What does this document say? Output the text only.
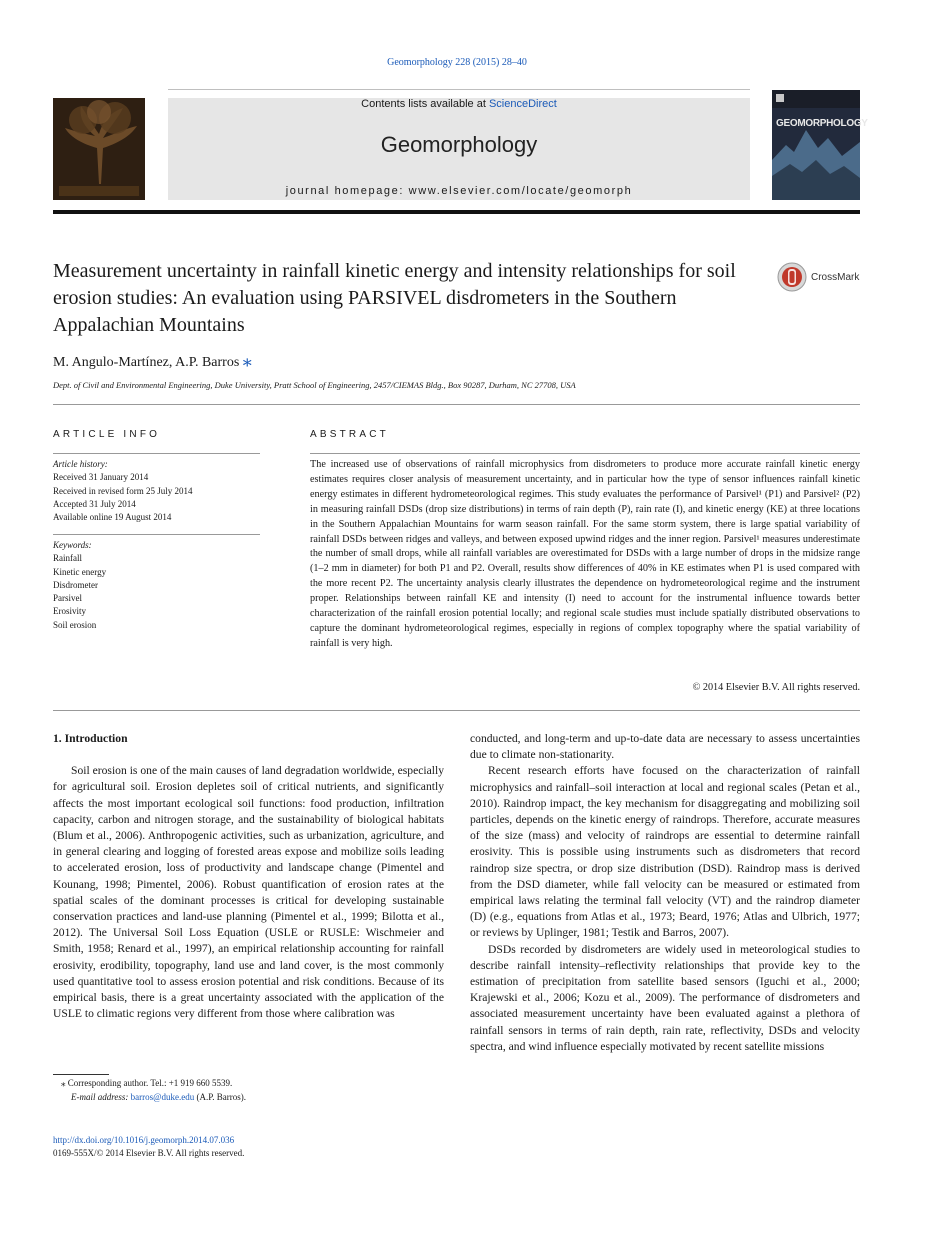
Geomorphology 228 (2015) 28–40
Contents lists available at ScienceDirect
Geomorphology
journal homepage: www.elsevier.com/locate/geomorph
GEOMORPHOLOGY
Measurement uncertainty in rainfall kinetic energy and intensity relationships for soil erosion studies: An evaluation using PARSIVEL disdrometers in the Southern Appalachian Mountains
CrossMark
M. Angulo-Martínez, A.P. Barros ⁎
Dept. of Civil and Environmental Engineering, Duke University, Pratt School of Engineering, 2457/CIEMAS Bldg., Box 90287, Durham, NC 27708, USA
ARTICLE INFO
Article history:
Received 31 January 2014
Received in revised form 25 July 2014
Accepted 31 July 2014
Available online 19 August 2014
Keywords:
Rainfall
Kinetic energy
Disdrometer
Parsivel
Erosivity
Soil erosion
ABSTRACT
The increased use of observations of rainfall microphysics from disdrometers to produce more accurate rainfall kinetic energy estimates requires closer analysis of measurement uncertainty, and in particular how the type of sensor influences rainfall kinetic energy estimates in different hydrometeorological regimes. This study evaluates the performance of Parsivel¹ (P1) and Parsivel² (P2) in measuring rainfall DSDs (drop size distributions) in terms of rain depth (P), rain rate (I), and kinetic energy (KE) at three locations in the Southern Appalachian Mountains for warm season rainfall. For the same storm system, there is large spatial variability of rainfall DSDs between ridges and valleys, and between exposed upwind ridges and the inner region. Parsivel¹ measures underestimate the number of small drops, while all rainfall variables are overestimated for DSDs with a large number of drops in the midsize range (1–2 mm in diameter) for both P1 and P2. Overall, results show differences of 40% in KE estimates when P1 is used compared with the more recent P2. The uncertainty analysis clearly illustrates the dependence on hydrometeorological regime and the instrument proper. Relationships between rainfall KE and intensity (I) need to account for the instrumental influence towards better characterization of the rainfall erosion potential locally; and regional scale studies must include spatially distributed observations to capture the dominant hydrometeorological regimes, especially in regions of complex topography where the spatial variability of rainfall is very high.
© 2014 Elsevier B.V. All rights reserved.
1. Introduction

Soil erosion is one of the main causes of land degradation worldwide, especially for agricultural soil. Erosion depletes soil of critical nutrients, and significantly affects the most important ecological soil functions: food production, infiltration capacity, carbon and nitrogen storage, and the sustainability of biological habitats (Blum et al., 2006). Anthropogenic activities, such as urbanization, agriculture, and in general clearing and logging of forested areas expose and mobilize soils leading to accelerated erosion, loss of productivity and landscape change (Pimentel and Kounang, 1998; Pimentel, 2006). Robust quantification of erosion rates at the spatial scales of the dominant processes is critical for developing sustainable conservation practices and land-use planning (Pimentel et al., 1999; Bilotta et al., 2012). The Universal Soil Loss Equation (USLE or RUSLE: Wischmeier and Smith, 1958; Renard et al., 1997), an empirical relationship accounting for rainfall erosivity, erodibility, topography, land use and land cover, is the most commonly used quantitative tool to assess erosion potential and risk conditions. Because of its empirical basis, there is a great uncertainty associated with the application of the USLE to climatic regions very different from those where calibration was

conducted, and long-term and up-to-date data are necessary to assess uncertainties due to climate non-stationarity.

Recent research efforts have focused on the characterization of rainfall microphysics and rainfall–soil interaction at local and regional scales (Petan et al., 2010). Raindrop impact, the key mechanism for disaggregating and mobilizing soil particles, depends on the kinetic energy of raindrops. Therefore, accurate measures of the size (mass) and velocity of raindrops are essential to determine rainfall erosivity. This is possible using instruments such as disdrometers that record raindrop size spectra, or drop size distribution (DSD). Raindrop mass is derived from the DSD diameter, while fall velocity can be measured or estimated from empirical laws relating the terminal fall velocity (VT) and the raindrop diameter (D) (e.g., equations from Atlas et al., 1973; Beard, 1976; Atlas and Ulbrich, 1977; or reviews by Uplinger, 1981; Testik and Barros, 2007).

DSDs recorded by disdrometers are widely used in meteorological studies to describe rainfall intensity–reflectivity relationships that provide key to the estimation of precipitation from satellite based sensors (Iguchi et al., 2000; Krajewski et al., 2006; Kozu et al., 2009). The performance of disdrometers and associated measurement uncertainty have been evaluated against a plethora of rainfall sensors in terms of rain depth, rain rate, reflectivity, DSDs and velocity spectra, and wind influence especially motivated by recent satellite missions

⁎ Corresponding author. Tel.: +1 919 660 5539.
E-mail address: barros@duke.edu (A.P. Barros).
http://dx.doi.org/10.1016/j.geomorph.2014.07.036
0169-555X/© 2014 Elsevier B.V. All rights reserved.
